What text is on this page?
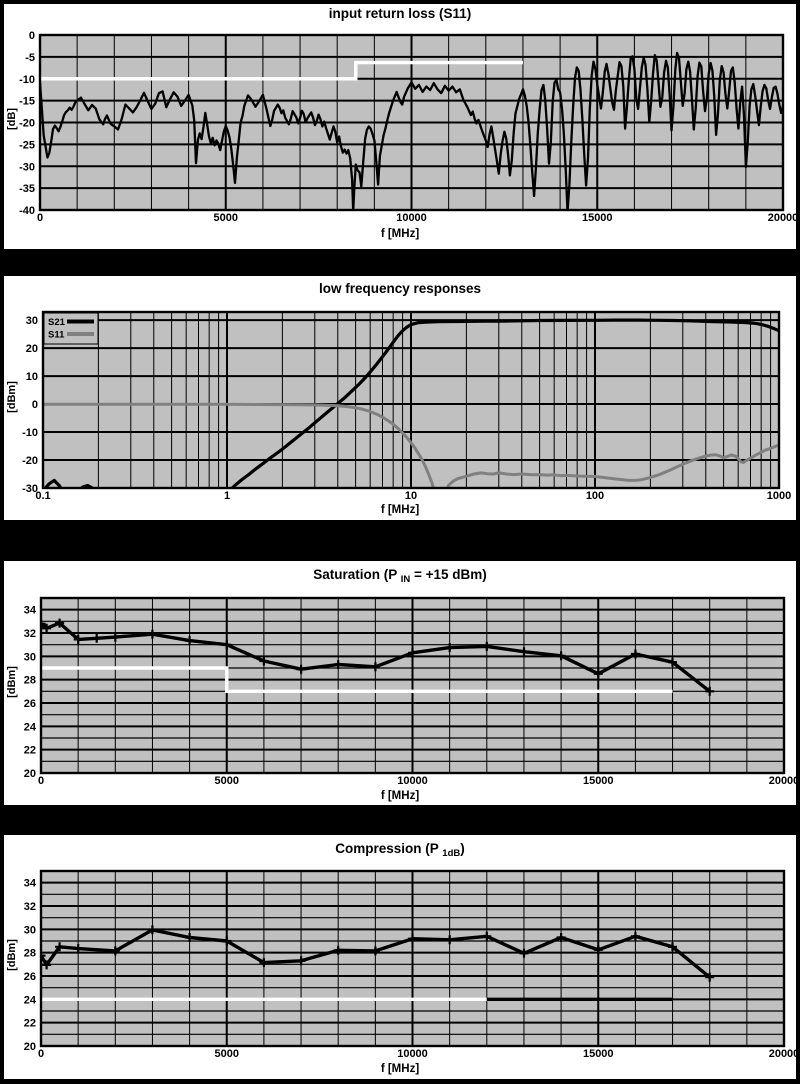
0	5000	10000	15000	20000
-40
-35
-30
-25
-20
-15
-10
-5
0
S21
S11
0.1	1	10	100	1000
-30
-20
-10
0
10
20
30
0	5000	10000	15000	20000
20
22
24
26
28
30
32
34
0	5000	10000	15000	20000
20
22
24
26
28
30
32
34
input return loss (S11)
low frequency responses
Saturation (P $_{IN}$ = +15 dBm)
Compression (P $_{1dB}$)
[dB]
[dBm]
[dBm]
[dBm]
f [MHz]
f [MHz]
f [MHz]
f [MHz]
